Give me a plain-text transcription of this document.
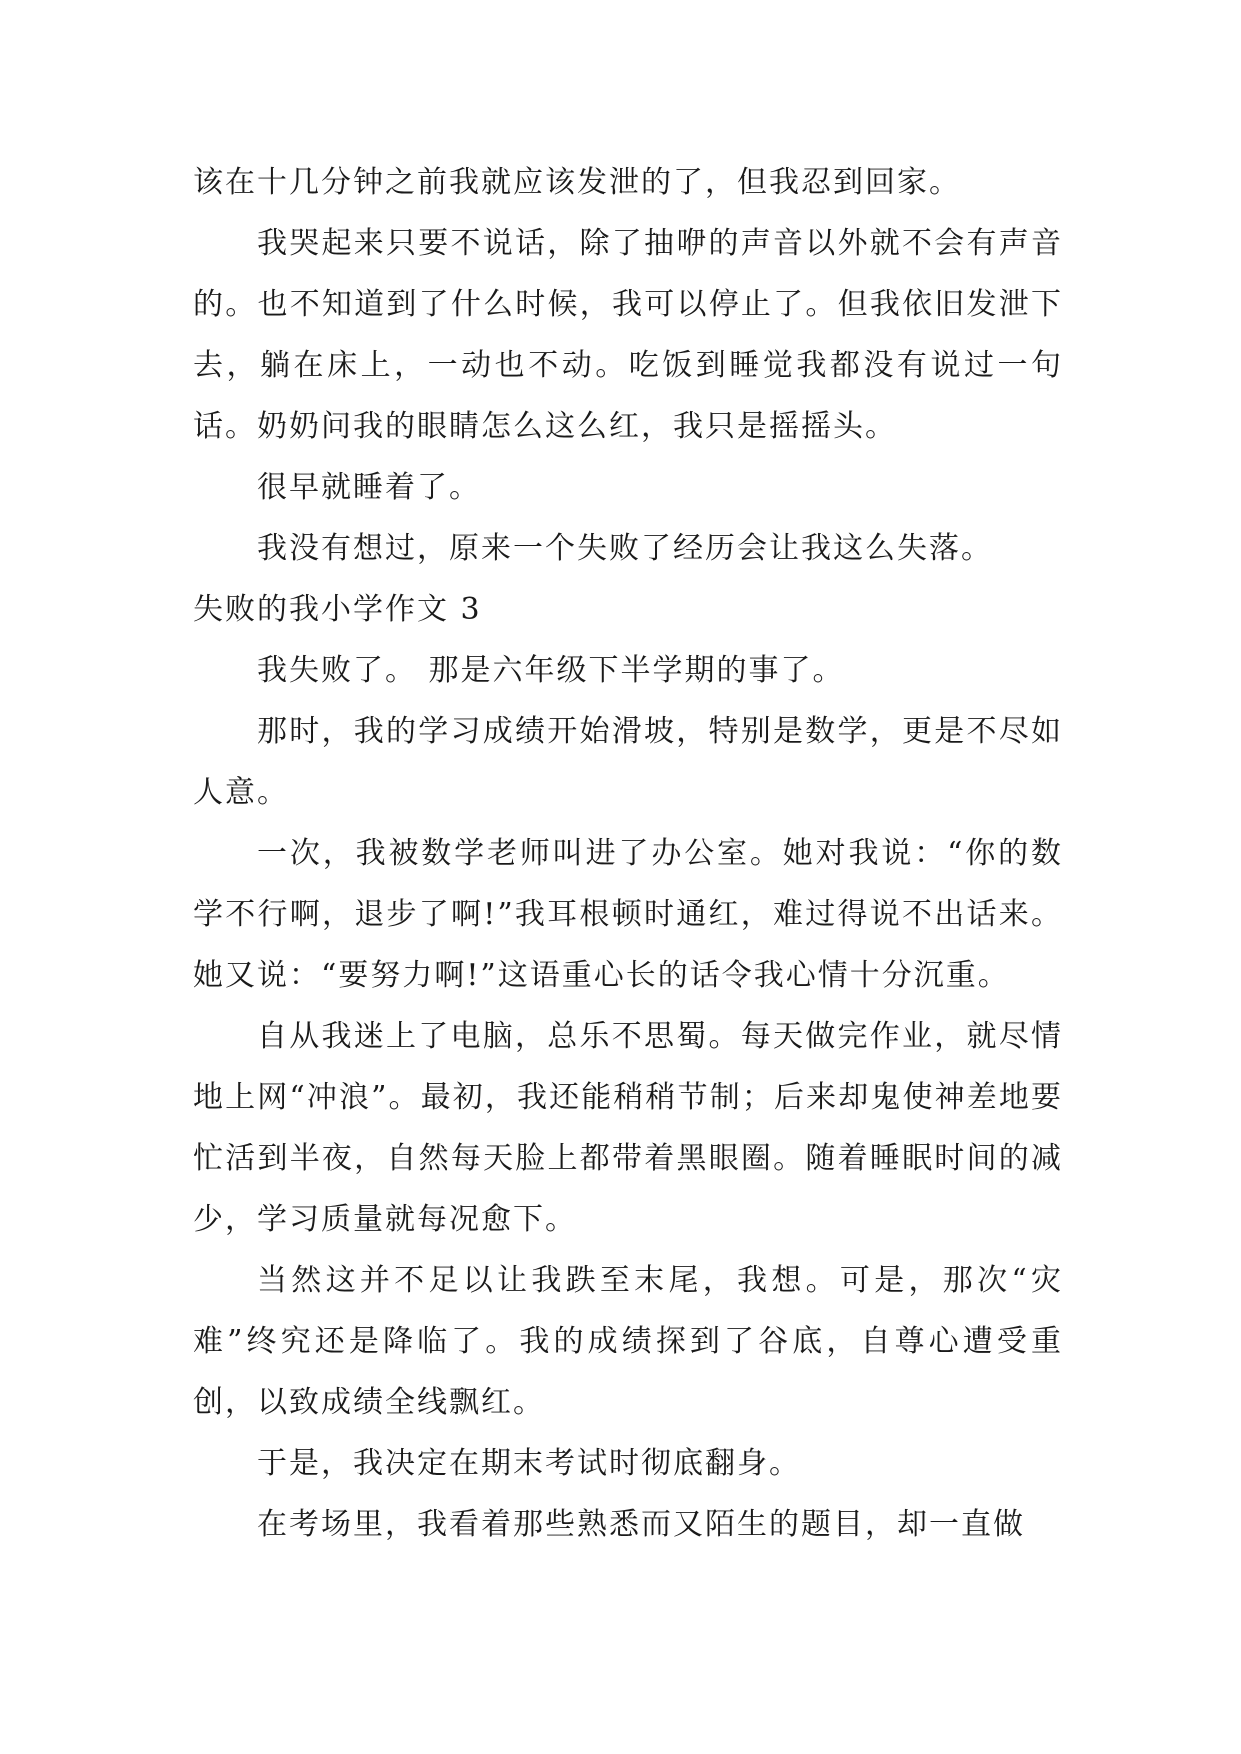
该在十几分钟之前我就应该发泄的了，但我忍到回家。

我哭起来只要不说话，除了抽咿的声音以外就不会有声音的。也不知道到了什么时候，我可以停止了。但我依旧发泄下去，躺在床上，一动也不动。吃饭到睡觉我都没有说过一句话。奶奶问我的眼睛怎么这么红，我只是摇摇头。

很早就睡着了。

我没有想过，原来一个失败了经历会让我这么失落。

失败的我小学作文 3

我失败了。 那是六年级下半学期的事了。

那时，我的学习成绩开始滑坡，特别是数学，更是不尽如人意。

一次，我被数学老师叫进了办公室。她对我说：“你的数学不行啊，退步了啊!”我耳根顿时通红，难过得说不出话来。她又说：“要努力啊!”这语重心长的话令我心情十分沉重。

自从我迷上了电脑，总乐不思蜀。每天做完作业，就尽情地上网“冲浪”。最初，我还能稍稍节制；后来却鬼使神差地要忙活到半夜，自然每天脸上都带着黑眼圈。随着睡眠时间的减少，学习质量就每况愈下。

当然这并不足以让我跌至末尾，我想。可是，那次“灾难”终究还是降临了。我的成绩探到了谷底，自尊心遭受重创，以致成绩全线飘红。

于是，我决定在期末考试时彻底翻身。

在考场里，我看着那些熟悉而又陌生的题目，却一直做
